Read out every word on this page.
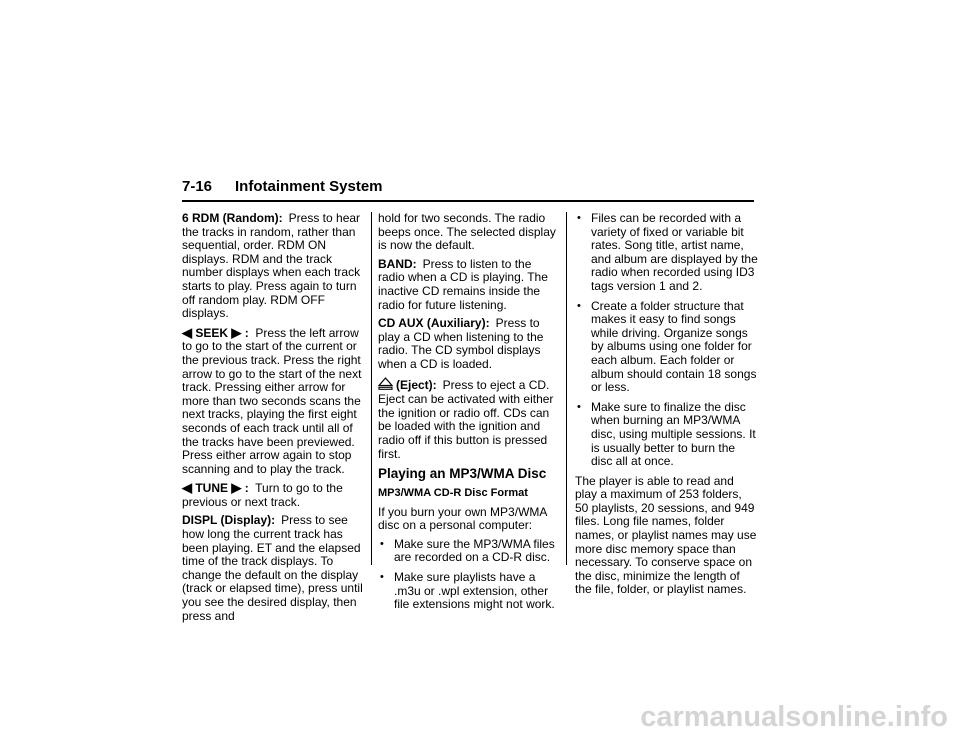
7-16 Infotainment System

6 RDM (Random): Press to hear the tracks in random, rather than sequential, order. RDM ON displays. RDM and the track number displays when each track starts to play. Press again to turn off random play. RDM OFF displays.

◀ SEEK ▶ : Press the left arrow to go to the start of the current or the previous track. Press the right arrow to go to the start of the next track. Pressing either arrow for more than two seconds scans the next tracks, playing the first eight seconds of each track until all of the tracks have been previewed. Press either arrow again to stop scanning and to play the track.

◀ TUNE ▶ : Turn to go to the previous or next track.

DISPL (Display): Press to see how long the current track has been playing. ET and the elapsed time of the track displays. To change the default on the display (track or elapsed time), press until you see the desired display, then press and

hold for two seconds. The radio beeps once. The selected display is now the default.

BAND: Press to listen to the radio when a CD is playing. The inactive CD remains inside the radio for future listening.

CD AUX (Auxiliary): Press to play a CD when listening to the radio. The CD symbol displays when a CD is loaded.

(Eject): Press to eject a CD. Eject can be activated with either the ignition or radio off. CDs can be loaded with the ignition and radio off if this button is pressed first.

Playing an MP3/WMA Disc
MP3/WMA CD-R Disc Format

If you burn your own MP3/WMA disc on a personal computer:

• Make sure the MP3/WMA files are recorded on a CD-R disc.
• Make sure playlists have a .m3u or .wpl extension, other file extensions might not work.
• Files can be recorded with a variety of fixed or variable bit rates. Song title, artist name, and album are displayed by the radio when recorded using ID3 tags version 1 and 2.
• Create a folder structure that makes it easy to find songs while driving. Organize songs by albums using one folder for each album. Each folder or album should contain 18 songs or less.
• Make sure to finalize the disc when burning an MP3/WMA disc, using multiple sessions. It is usually better to burn the disc all at once.

The player is able to read and play a maximum of 253 folders, 50 playlists, 20 sessions, and 949 files. Long file names, folder names, or playlist names may use more disc memory space than necessary. To conserve space on the disc, minimize the length of the file, folder, or playlist names.

carmanualsonline.info
